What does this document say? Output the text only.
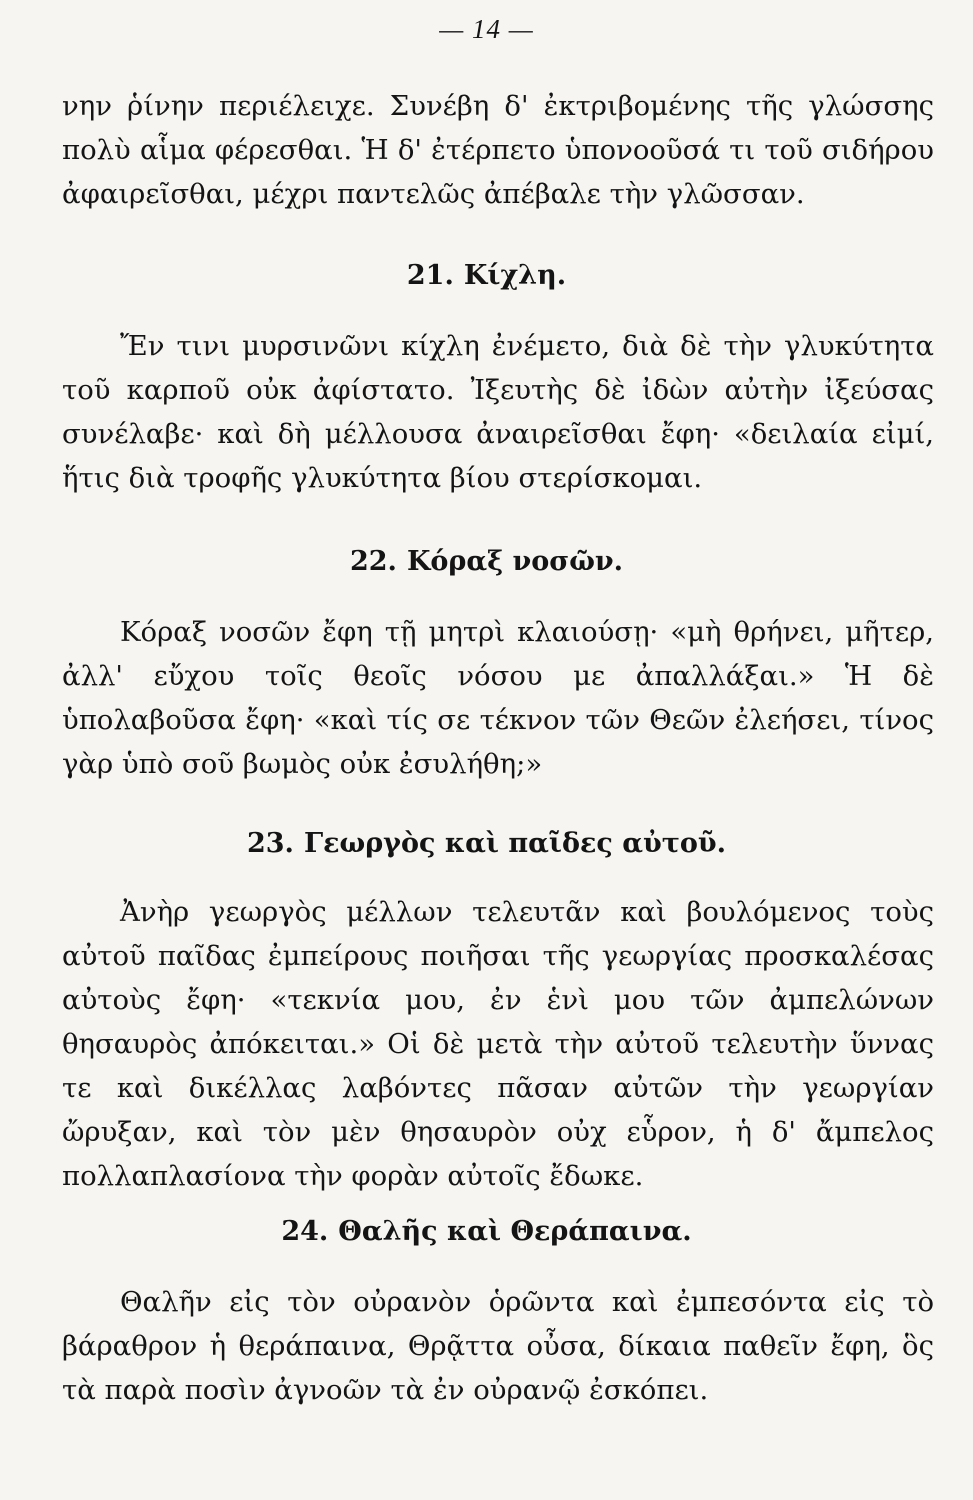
— 14 —

νην ῥίνην περιέλειχε. Συνέβη δ' ἐκτριβομένης τῆς γλώσσης πολὺ αἷμα φέρεσθαι. Ἡ δ' ἐτέρπετο ὑπονοοῦσά τι τοῦ σιδήρου ἀφαιρεῖσθαι, μέχρι παντελῶς ἀπέβαλε τὴν γλῶσσαν.

21. Κίχλη.

Ἔν τινι μυρσινῶνι κίχλη ἐνέμετο, διὰ δὲ τὴν γλυκύτητα τοῦ καρποῦ οὐκ ἀφίστατο. Ἰξευτὴς δὲ ἰδὼν αὐτὴν ἰξεύσας συνέλαβε· καὶ δὴ μέλλουσα ἀναιρεῖσθαι ἔφη· «δειλαία εἰμί, ἥτις διὰ τροφῆς γλυκύτητα βίου στερίσκομαι.

22. Κόραξ νοσῶν.

Κόραξ νοσῶν ἔφη τῇ μητρὶ κλαιούσῃ· «μὴ θρήνει, μῆτερ, ἀλλ' εὔχου τοῖς θεοῖς νόσου με ἀπαλλάξαι.» Ἡ δὲ ὑπολαβοῦσα ἔφη· «καὶ τίς σε τέκνον τῶν Θεῶν ἐλεήσει, τίνος γὰρ ὑπὸ σοῦ βωμὸς οὐκ ἐσυλήθη;»

23. Γεωργὸς καὶ παῖδες αὐτοῦ.

Ἀνὴρ γεωργὸς μέλλων τελευτᾶν καὶ βουλόμενος τοὺς αὐτοῦ παῖδας ἐμπείρους ποιῆσαι τῆς γεωργίας προσκαλέσας αὐτοὺς ἔφη· «τεκνία μου, ἐν ἑνὶ μου τῶν ἀμπελώνων θησαυρὸς ἀπόκειται.» Οἱ δὲ μετὰ τὴν αὐτοῦ τελευτὴν ὕννας τε καὶ δικέλλας λαβόντες πᾶσαν αὐτῶν τὴν γεωργίαν ὤρυξαν, καὶ τὸν μὲν θησαυρὸν οὐχ εὗρον, ἡ δ' ἄμπελος πολλαπλασίονα τὴν φορὰν αὐτοῖς ἔδωκε.

24. Θαλῆς καὶ Θεράπαινα.

Θαλῆν εἰς τὸν οὐρανὸν ὁρῶντα καὶ ἐμπεσόντα εἰς τὸ βάραθρον ἡ θεράπαινα, Θρᾷττα οὖσα, δίκαια παθεῖν ἔφη, ὃς τὰ παρὰ ποσὶν ἀγνοῶν τὰ ἐν οὐρανῷ ἐσκόπει.
